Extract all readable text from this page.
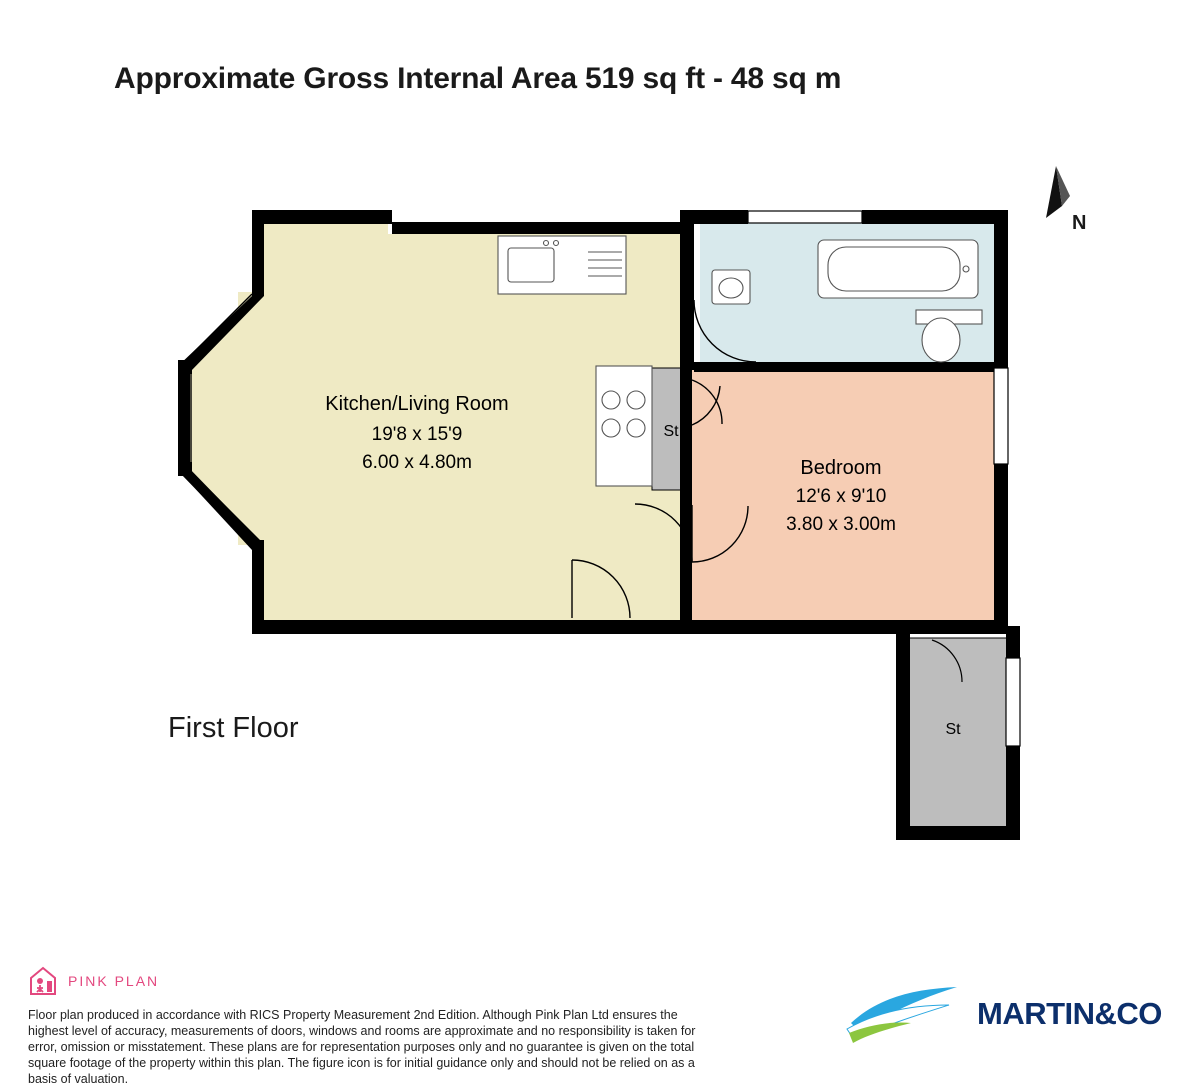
Approximate Gross Internal Area 519 sq ft - 48 sq m
Kitchen/Living Room
19'8 x 15'9
6.00 x 4.80m	Bedroom
12'6 x 9'10
3.80 x 3.00m
St
St
N
First Floor
PINK PLAN
Floor plan produced in accordance with RICS Property Measurement 2nd Edition. Although Pink Plan Ltd ensures the highest level of accuracy, measurements of doors, windows and rooms are approximate and no responsibility is taken for error, omission or misstatement. These plans are for representation purposes only and no guarantee is given on the total square footage of the property within this plan. The figure icon is for initial guidance only and should not be relied on as a basis of valuation.
MARTIN&CO
